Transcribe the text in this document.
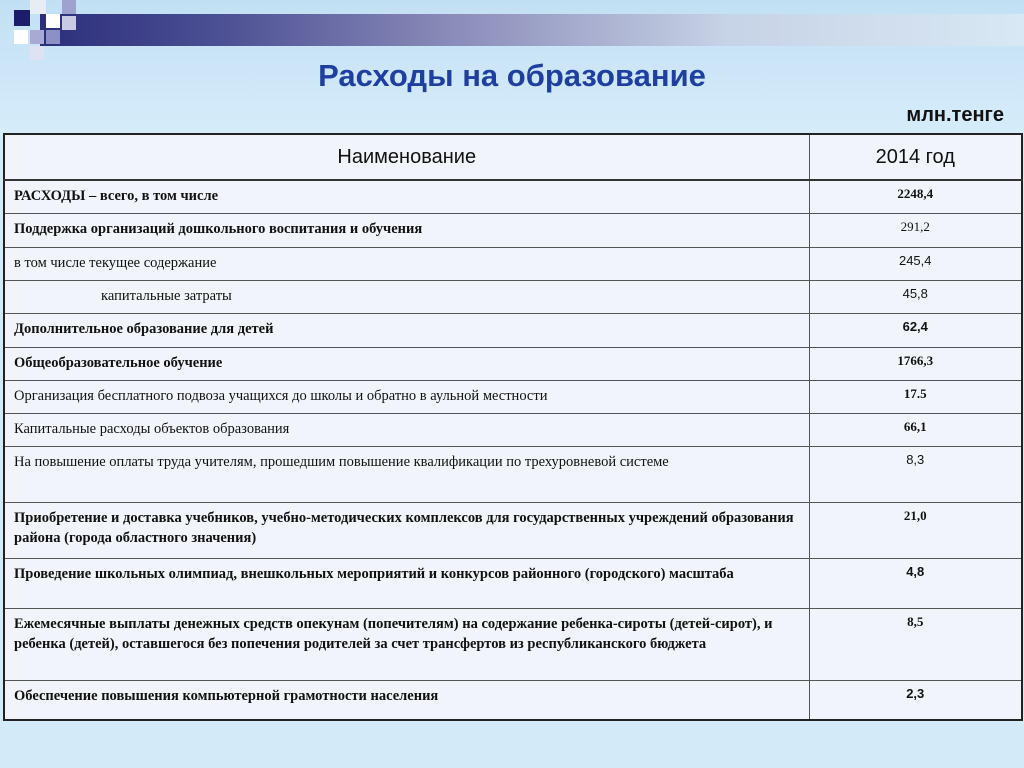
Расходы на образование
млн.тенге
Наименование	2014 год
РАСХОДЫ – всего, в том числе	2248,4
Поддержка организаций дошкольного воспитания и обучения	291,2
в том числе текущее содержание	245,4
капитальные затраты	45,8
Дополнительное образование для детей	62,4
Общеобразовательное обучение	1766,3
Организация бесплатного подвоза учащихся до школы и обратно в аульной местности	17.5
Капитальные расходы объектов образования	66,1
На повышение оплаты труда учителям, прошедшим повышение квалификации по трехуровневой системе	8,3
Приобретение и доставка учебников, учебно-методических комплексов для государственных учреждений образования района (города областного значения)	21,0
Проведение школьных олимпиад, внешкольных мероприятий и конкурсов районного (городского) масштаба	4,8
Ежемесячные выплаты денежных средств опекунам (попечителям) на содержание ребенка-сироты (детей-сирот), и ребенка (детей), оставшегося без попечения родителей за счет трансфертов из республиканского бюджета	8,5
Обеспечение повышения компьютерной грамотности населения	2,3
